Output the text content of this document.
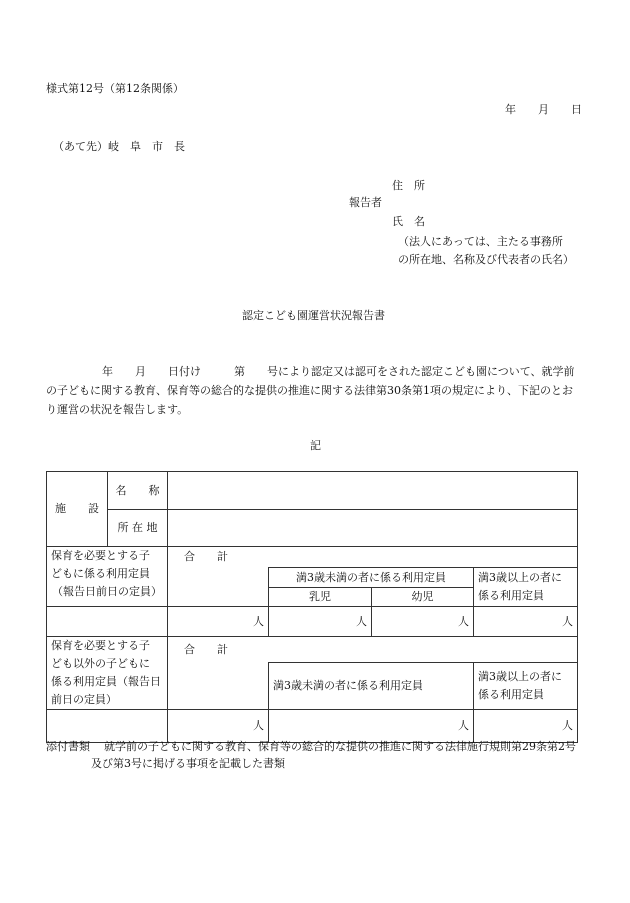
様式第12号（第12条関係）
年　　月　　日
（あて先）岐　阜　市　長
住　所
報告者
氏　名
（法人にあっては、主たる事務所
の所在地、名称及び代表者の氏名）
認定こども園運営状況報告書
年　　月　　日付け　　　第　　号により認定又は認可をされた認定こども園について、就学前
の子どもに関する教育、保育等の総合的な提供の推進に関する法律第30条第1項の規定により、下記のとお
り運営の状況を報告します。
記
施　　設	名　　称				
	所 在 地				

保育を必要とする子
どもに係る利用定員
（報告日前日の定員）		合　　計			
			満3歳未満の者に係る利用定員		満3歳以上の者に
係る利用定員

			乳児	幼児	
		人	人	人	人

保育を必要とする子
ども以外の子どもに
係る利用定員（報告日
前日の定員）		合　　計			
			満3歳未満の者に係る利用定員		満3歳以上の者に
係る利用定員

		人	人		人
添付書類 就学前の子どもに関する教育、保育等の総合的な提供の推進に関する法律施行規則第29条第2号
及び第3号に掲げる事項を記載した書類
